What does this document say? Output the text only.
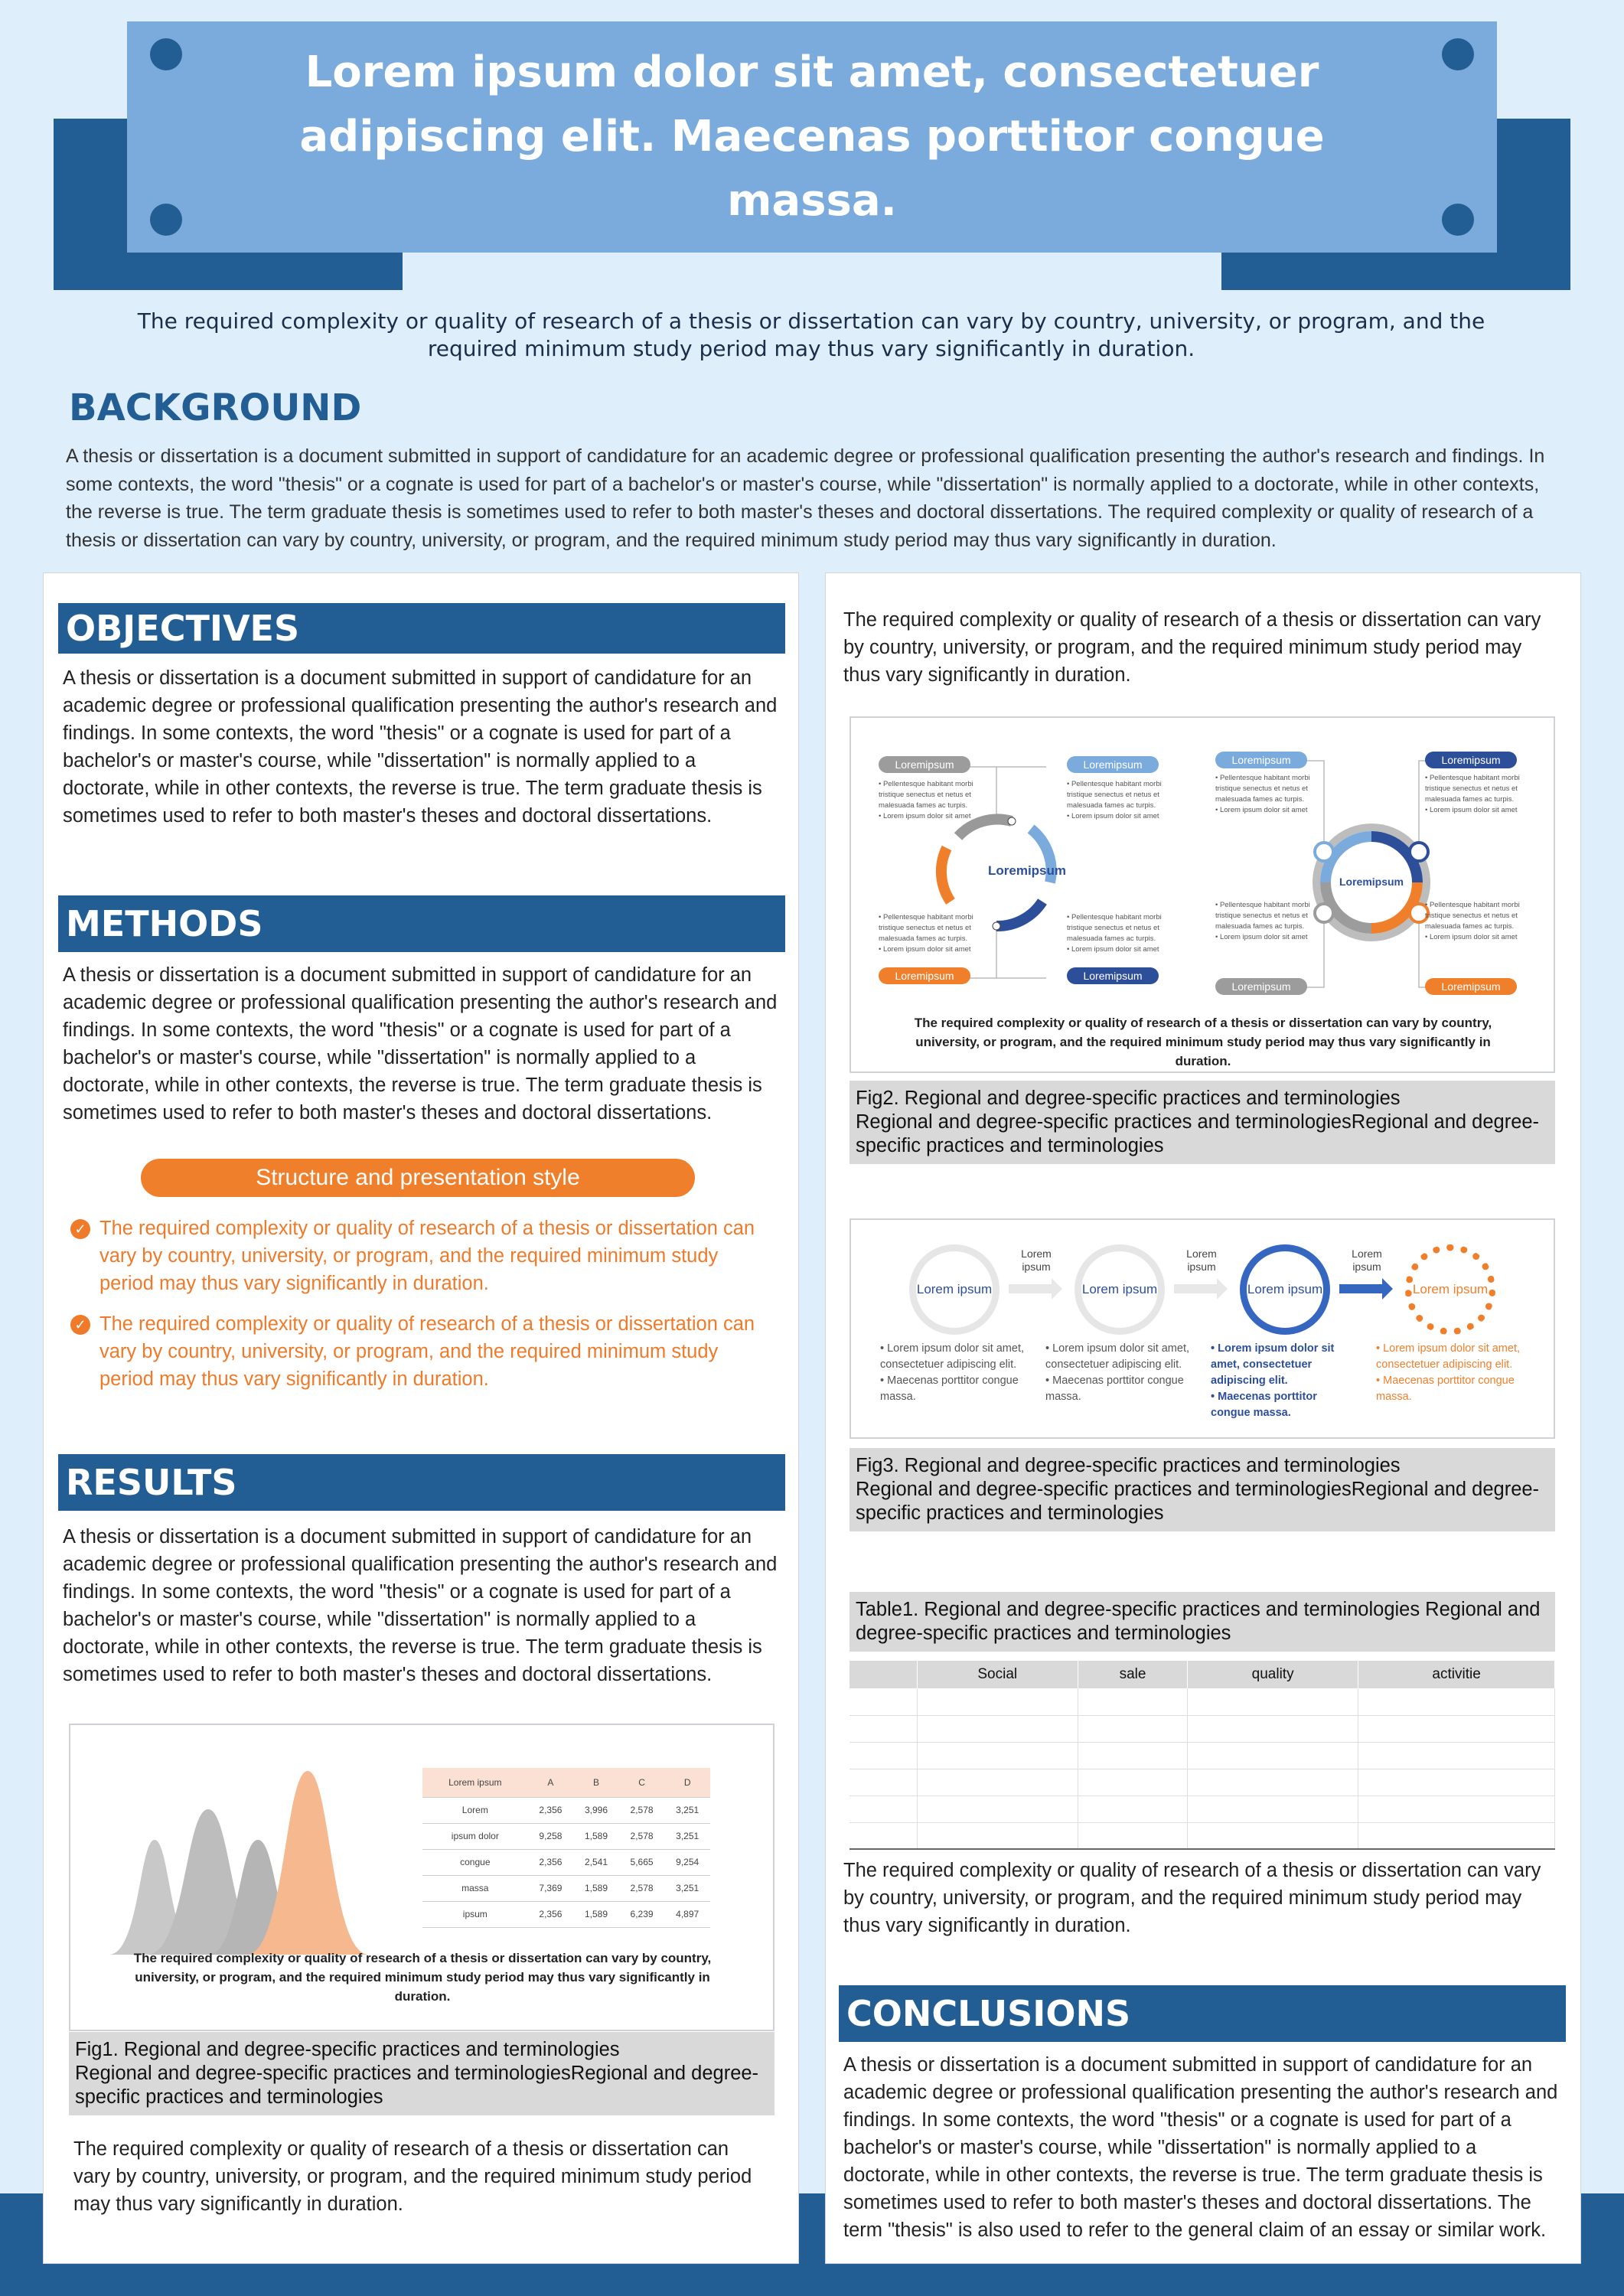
Lorem ipsum dolor sit amet, consectetuer adipiscing elit. Maecenas porttitor congue massa.
The required complexity or quality of research of a thesis or dissertation can vary by country, university, or program, and the required minimum study period may thus vary significantly in duration.
BACKGROUND
A thesis or dissertation is a document submitted in support of candidature for an academic degree or professional qualification presenting the author's research and findings. In some contexts, the word "thesis" or a cognate is used for part of a bachelor's or master's course, while "dissertation" is normally applied to a doctorate, while in other contexts, the reverse is true. The term graduate thesis is sometimes used to refer to both master's theses and doctoral dissertations. The required complexity or quality of research of a thesis or dissertation can vary by country, university, or program, and the required minimum study period may thus vary significantly in duration.
OBJECTIVES
A thesis or dissertation is a document submitted in support of candidature for an academic degree or professional qualification presenting the author's research and findings. In some contexts, the word "thesis" or a cognate is used for part of a bachelor's or master's course, while "dissertation" is normally applied to a doctorate, while in other contexts, the reverse is true. The term graduate thesis is sometimes used to refer to both master's theses and doctoral dissertations.
METHODS
A thesis or dissertation is a document submitted in support of candidature for an academic degree or professional qualification presenting the author's research and findings. In some contexts, the word "thesis" or a cognate is used for part of a bachelor's or master's course, while "dissertation" is normally applied to a doctorate, while in other contexts, the reverse is true. The term graduate thesis is sometimes used to refer to both master's theses and doctoral dissertations.
Structure and presentation style
✓ The required complexity or quality of research of a thesis or dissertation can vary by country, university, or program, and the required minimum study period may thus vary significantly in duration.
✓ The required complexity or quality of research of a thesis or dissertation can vary by country, university, or program, and the required minimum study period may thus vary significantly in duration.
RESULTS
A thesis or dissertation is a document submitted in support of candidature for an academic degree or professional qualification presenting the author's research and findings. In some contexts, the word "thesis" or a cognate is used for part of a bachelor's or master's course, while "dissertation" is normally applied to a doctorate, while in other contexts, the reverse is true. The term graduate thesis is sometimes used to refer to both master's theses and doctoral dissertations.
Lorem ipsum	A	B	C	D
Lorem	2,356	3,996	2,578	3,251
ipsum dolor	9,258	1,589	2,578	3,251
congue	2,356	2,541	5,665	9,254
massa	7,369	1,589	2,578	3,251
ipsum	2,356	1,589	6,239	4,897
The required complexity or quality of research of a thesis or dissertation can vary by country, university, or program, and the required minimum study period may thus vary significantly in duration.
Fig1. Regional and degree-specific practices and terminologies
Regional and degree-specific practices and terminologiesRegional and degree-specific practices and terminologies
The required complexity or quality of research of a thesis or dissertation can vary by country, university, or program, and the required minimum study period may thus vary significantly in duration.
The required complexity or quality of research of a thesis or dissertation can vary by country, university, or program, and the required minimum study period may thus vary significantly in duration.
Loremipsum
Loremipsum	Loremipsum
Loremipsum	Loremipsum
• Pellentesque habitant morbi tristique senectus et netus et malesuada fames ac turpis.
• Lorem ipsum dolor sit amet
• Pellentesque habitant morbi tristique senectus et netus et malesuada fames ac turpis.
• Lorem ipsum dolor sit amet
• Pellentesque habitant morbi tristique senectus et netus et malesuada fames ac turpis.
• Lorem ipsum dolor sit amet
• Pellentesque habitant morbi tristique senectus et netus et malesuada fames ac turpis.
• Lorem ipsum dolor sit amet
Loremipsum
Loremipsum	Loremipsum
Loremipsum	Loremipsum
• Pellentesque habitant morbi tristique senectus et netus et malesuada fames ac turpis.
• Lorem ipsum dolor sit amet
• Pellentesque habitant morbi tristique senectus et netus et malesuada fames ac turpis.
• Lorem ipsum dolor sit amet
• Pellentesque habitant morbi tristique senectus et netus et malesuada fames ac turpis.
• Lorem ipsum dolor sit amet
• Pellentesque habitant morbi tristique senectus et netus et malesuada fames ac turpis.
• Lorem ipsum dolor sit amet
The required complexity or quality of research of a thesis or dissertation can vary by country, university, or program, and the required minimum study period may thus vary significantly in duration.
Fig2. Regional and degree-specific practices and terminologies
Regional and degree-specific practices and terminologiesRegional and degree-specific practices and terminologies
Lorem ipsum	Lorem ipsum	Lorem ipsum	Lorem ipsum
Lorem ipsum
Lorem ipsum
Lorem ipsum
• Lorem ipsum dolor sit amet, consectetuer adipiscing elit.
• Maecenas porttitor congue massa.
• Lorem ipsum dolor sit amet, consectetuer adipiscing elit.
• Maecenas porttitor congue massa.
• Lorem ipsum dolor sit amet, consectetuer adipiscing elit.
• Maecenas porttitor congue massa.
• Lorem ipsum dolor sit amet, consectetuer adipiscing elit.
• Maecenas porttitor congue massa.
Fig3. Regional and degree-specific practices and terminologies
Regional and degree-specific practices and terminologiesRegional and degree-specific practices and terminologies
Table1. Regional and degree-specific practices and terminologies Regional and degree-specific practices and terminologies
	Social	sale	quality	activitie

The required complexity or quality of research of a thesis or dissertation can vary by country, university, or program, and the required minimum study period may thus vary significantly in duration.
CONCLUSIONS
A thesis or dissertation is a document submitted in support of candidature for an academic degree or professional qualification presenting the author's research and findings. In some contexts, the word "thesis" or a cognate is used for part of a bachelor's or master's course, while "dissertation" is normally applied to a doctorate, while in other contexts, the reverse is true. The term graduate thesis is sometimes used to refer to both master's theses and doctoral dissertations. The term "thesis" is also used to refer to the general claim of an essay or similar work.
